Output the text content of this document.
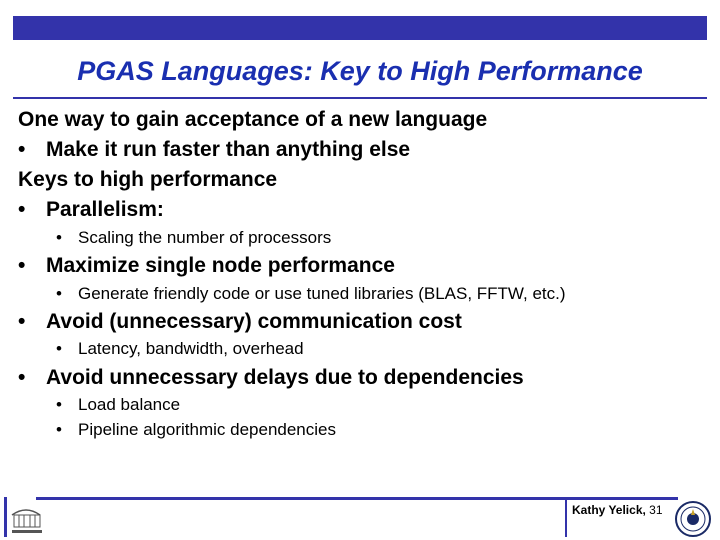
PGAS Languages: Key to High Performance
One way to gain acceptance of a new language
• Make it run faster than anything else
Keys to high performance
• Parallelism:
• Scaling the number of processors
• Maximize single node performance
• Generate friendly code or use tuned libraries (BLAS, FFTW, etc.)
• Avoid (unnecessary) communication cost
• Latency, bandwidth, overhead
• Avoid unnecessary delays due to dependencies
• Load balance
• Pipeline algorithmic dependencies
Kathy Yelick, 31
